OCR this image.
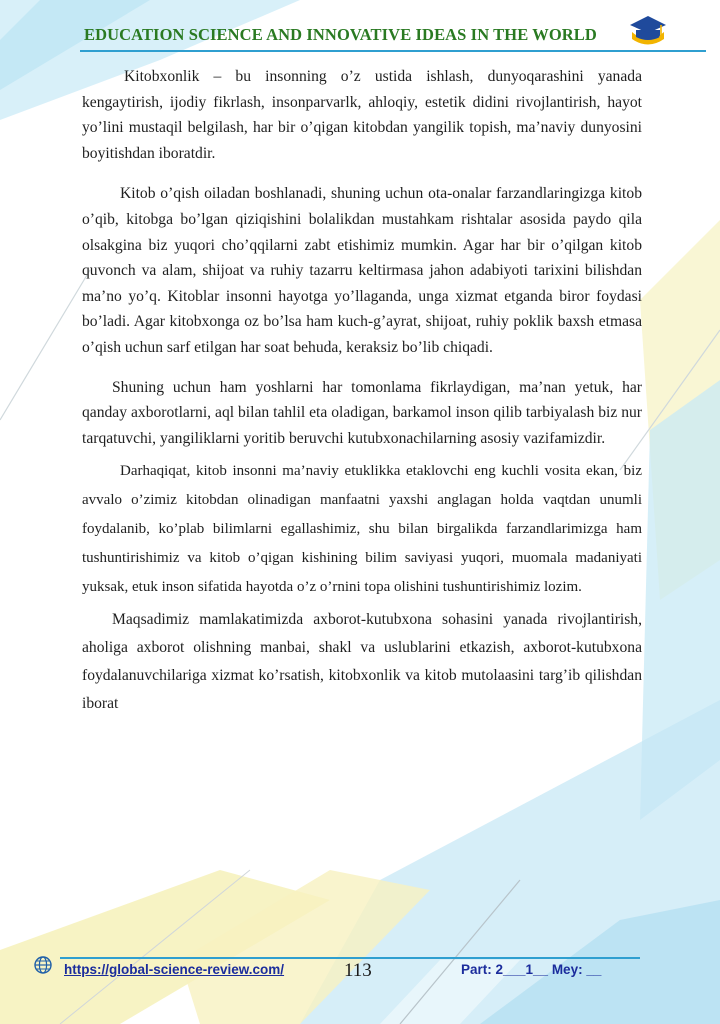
EDUCATION SCIENCE AND INNOVATIVE IDEAS IN THE WORLD

Kitobxonlik – bu insonning o’z ustida ishlash, dunyoqarashini yanada kengaytirish, ijodiy fikrlash, insonparvarlk, ahloqiy, estetik didini rivojlantirish, hayot yo’lini mustaqil belgilash, har bir o’qigan kitobdan yangilik topish, ma’naviy dunyosini boyitishdan iboratdir.

Kitob o’qish oiladan boshlanadi, shuning uchun ota-onalar farzandlaringizga kitob o’qib, kitobga bo’lgan qiziqishini bolalikdan mustahkam rishtalar asosida paydo qila olsakgina biz yuqori cho’qqilarni zabt etishimiz mumkin. Agar har bir o’qilgan kitob quvonch va alam, shijoat va ruhiy tazarru keltirmasa jahon adabiyoti tarixini bilishdan ma’no yo’q. Kitoblar insonni hayotga yo’llaganda, unga xizmat etganda biror foydasi bo’ladi. Agar kitobxonga oz bo’lsa ham kuch-g’ayrat, shijoat, ruhiy poklik baxsh etmasa o’qish uchun sarf etilgan har soat behuda, keraksiz bo’lib chiqadi.

Shuning uchun ham yoshlarni har tomonlama fikrlaydigan, ma’nan yetuk, har qanday axborotlarni, aql bilan tahlil eta oladigan, barkamol inson qilib tarbiyalash biz nur tarqatuvchi, yangiliklarni yoritib beruvchi kutubxonachilarning asosiy vazifamizdir.

Darhaqiqat, kitob insonni ma’naviy etuklikka etaklovchi eng kuchli vosita ekan, biz avvalo o’zimiz kitobdan olinadigan manfaatni yaxshi anglagan holda vaqtdan unumli foydalanib, ko’plab bilimlarni egallashimiz, shu bilan birgalikda farzandlarimizga ham tushuntirishimiz va kitob o’qigan kishining bilim saviyasi yuqori, muomala madaniyati yuksak, etuk inson sifatida hayotda o’z o’rnini topa olishini tushuntirishimiz lozim.

Maqsadimiz mamlakatimizda axborot-kutubxona sohasini yanada rivojlantirish, aholiga axborot olishning manbai, shakl va uslublarini etkazish, axborot-kutubxona foydalanuvchilariga xizmat ko’rsatish, kitobxonlik va kitob mutolaasini targ’ib qilishdan iborat

https://global-science-review.com/	113	Part: 2___1__ Mey: __
